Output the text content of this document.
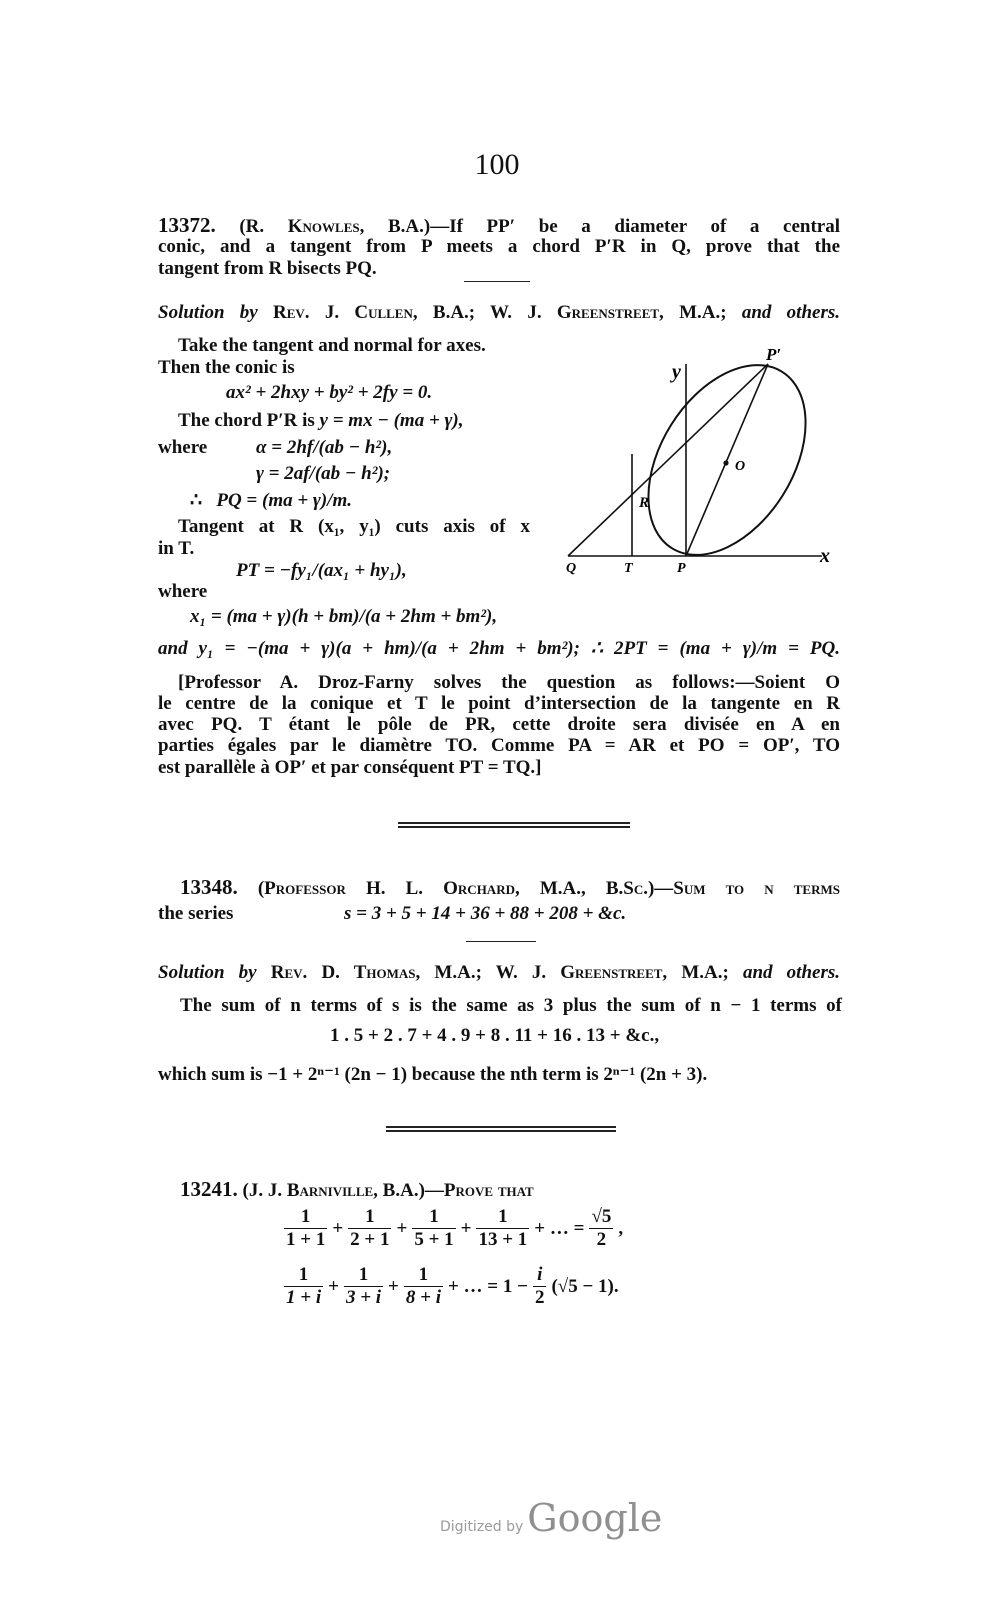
100
13372. (R. Knowles, B.A.)—If PP′ be a diameter of a central
conic, and a tangent from P meets a chord P′R in Q, prove that the
tangent from R bisects PQ.
Solution by Rev. J. Cullen, B.A.; W. J. Greenstreet, M.A.; and others.
Take the tangent and normal for axes.
Then the conic is
ax² + 2hxy + by² + 2fy = 0.
The chord P′R is y = mx − (ma + γ),
where	α = 2hf/(ab − h²),
γ = 2af/(ab − h²);
∴ PQ = (ma + γ)/m.
Tangent at R (x₁, y₁) cuts axis of x
in T.
PT = −fy₁/(ax₁ + hy₁),
where
x₁ = (ma + γ)(h + bm)/(a + 2hm + bm²),
and y₁ = −(ma + γ)(a + hm)/(a + 2hm + bm²); ∴ 2PT = (ma + γ)/m = PQ.
y
P′
O
R
Q	T	P
x
[Professor A. Droz-Farny solves the question as follows:—Soient O
le centre de la conique et T le point d’intersection de la tangente en R
avec PQ. T étant le pôle de PR, cette droite sera divisée en A en
parties égales par le diamètre TO. Comme PA = AR et PO = OP′, TO
est parallèle à OP′ et par conséquent PT = TQ.]
13348. (Professor H. L. Orchard, M.A., B.Sc.)—Sum to n terms
the series	s = 3 + 5 + 14 + 36 + 88 + 208 + &c.
Solution by Rev. D. Thomas, M.A.; W. J. Greenstreet, M.A.; and others.
The sum of n terms of s is the same as 3 plus the sum of n − 1 terms of
1 . 5 + 2 . 7 + 4 . 9 + 8 . 11 + 16 . 13 + &c.,
which sum is −1 + 2ⁿ⁻¹ (2n − 1) because the nth term is 2ⁿ⁻¹ (2n + 3).
13241. (J. J. Barniville, B.A.)—Prove that
$\frac{1}{1 + 1} + \frac{1}{2 + 1} + \frac{1}{5 + 1} + \frac{1}{13 + 1}$ + … = $\frac{√5}{2}$ ,
$\frac{1}{1 + i} + \frac{1}{3 + i} + \frac{1}{8 + i}$ + … = $1 - \frac{i}{2} (√5 - 1)$.
Digitized by Google
